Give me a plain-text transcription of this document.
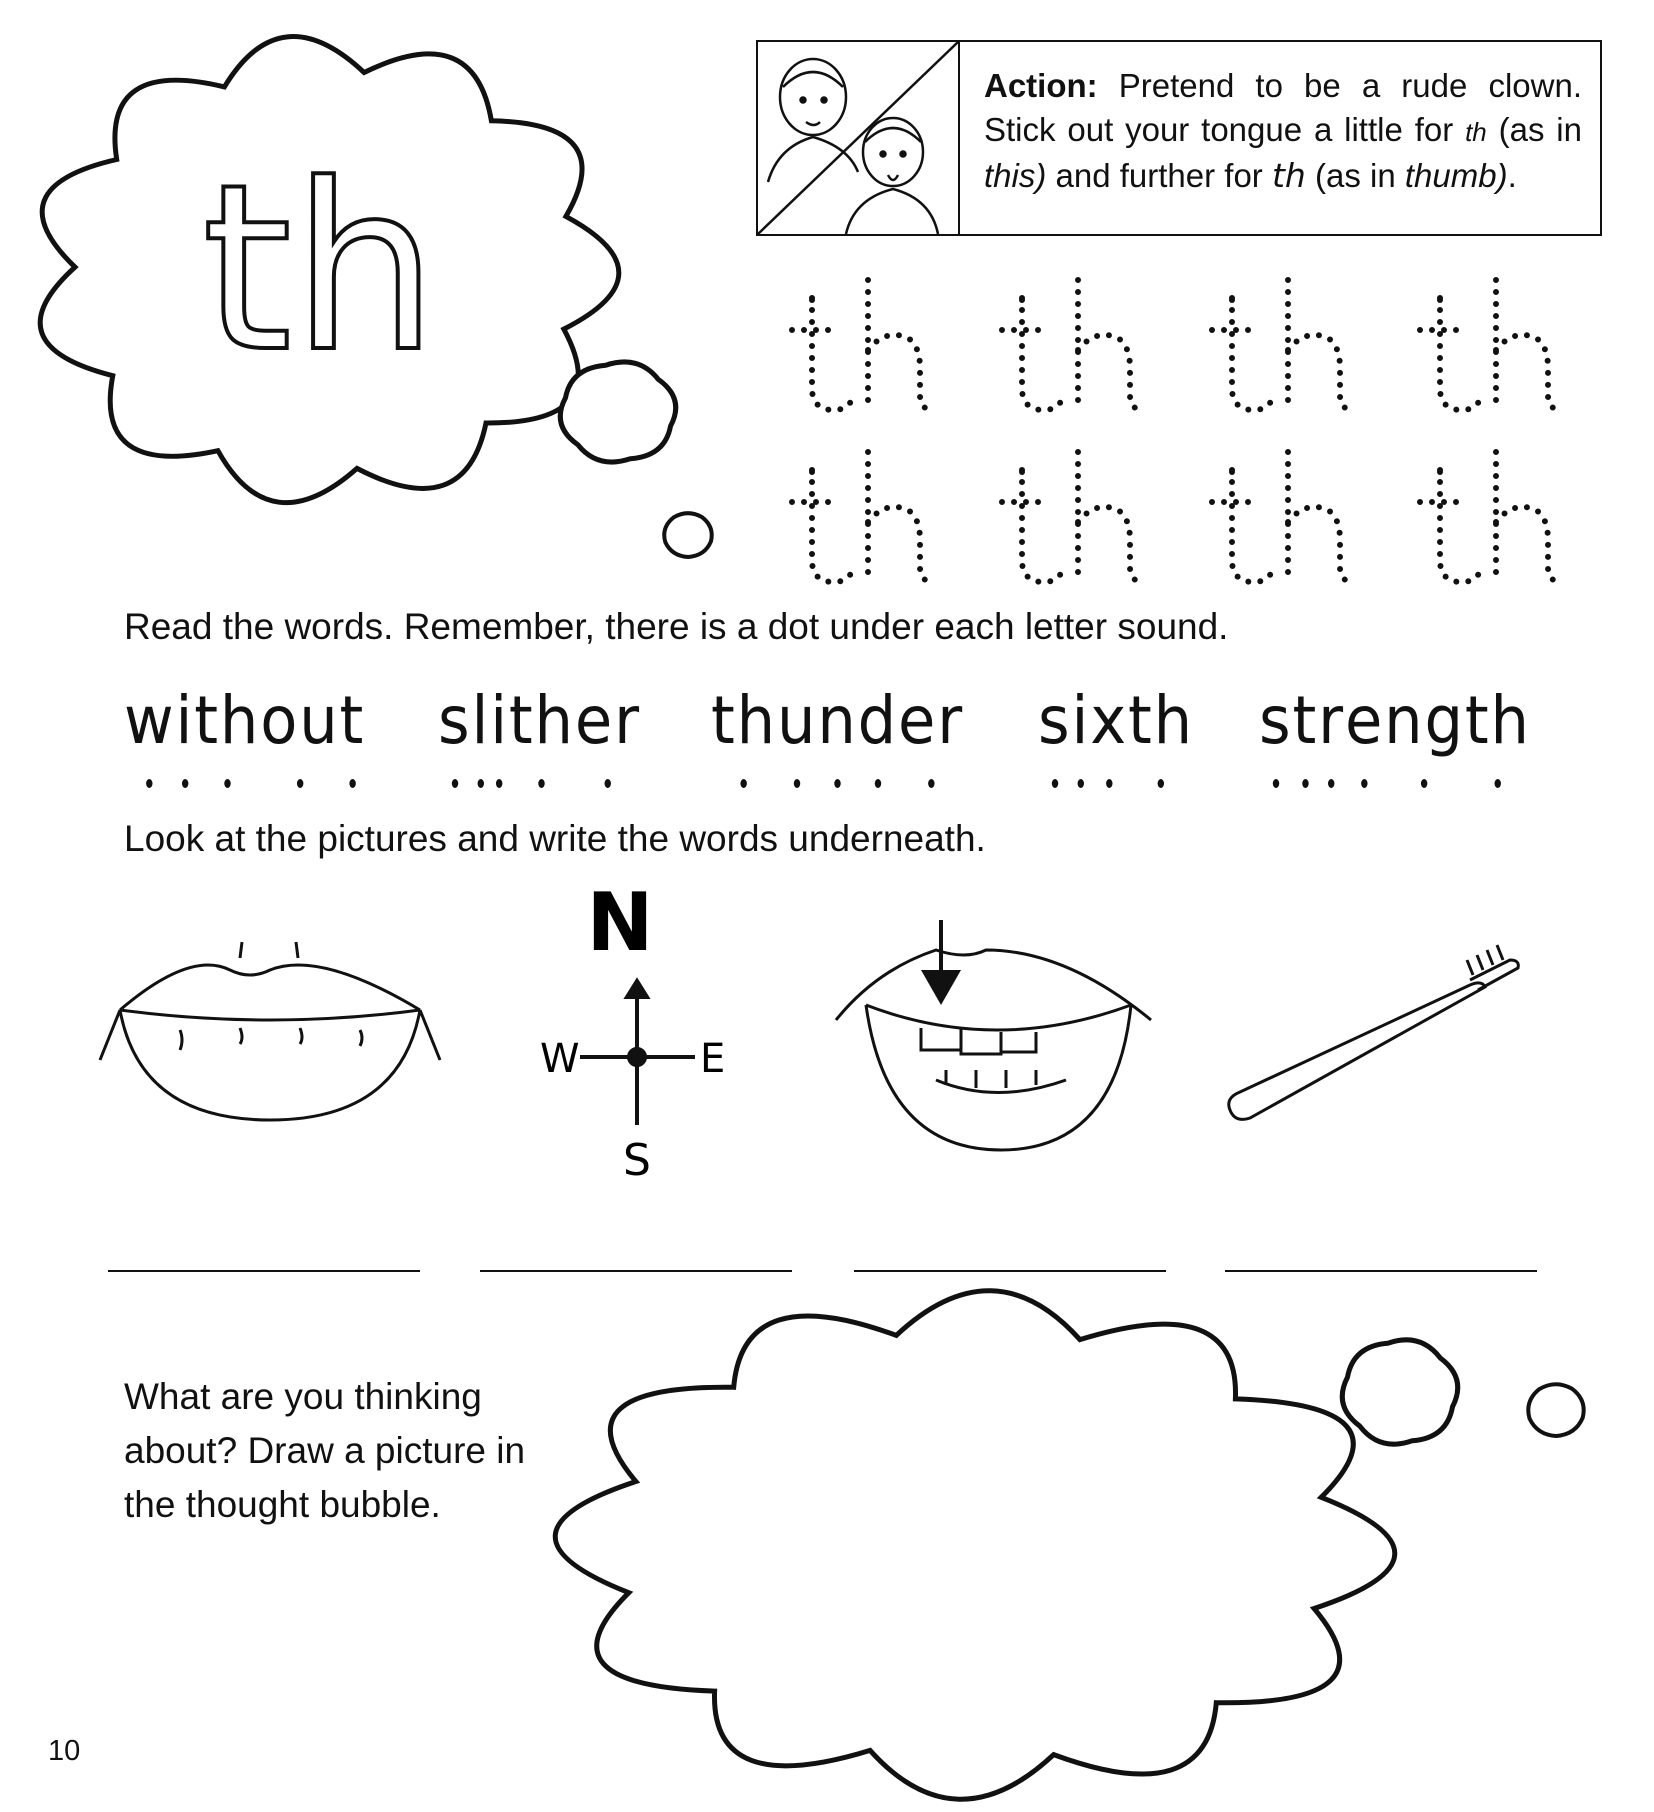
th
Action: Pretend to be a rude clown. Stick out your tongue a little for th (as in this) and further for th (as in thumb).
Read the words. Remember, there is a dot under each letter sound.
w i th ou t s l i th er th u n d er s i x th s t r e ng th
Look at the pictures and write the words underneath.
N
W	E
S
What are you thinking
about? Draw a picture in
the thought bubble.
10
